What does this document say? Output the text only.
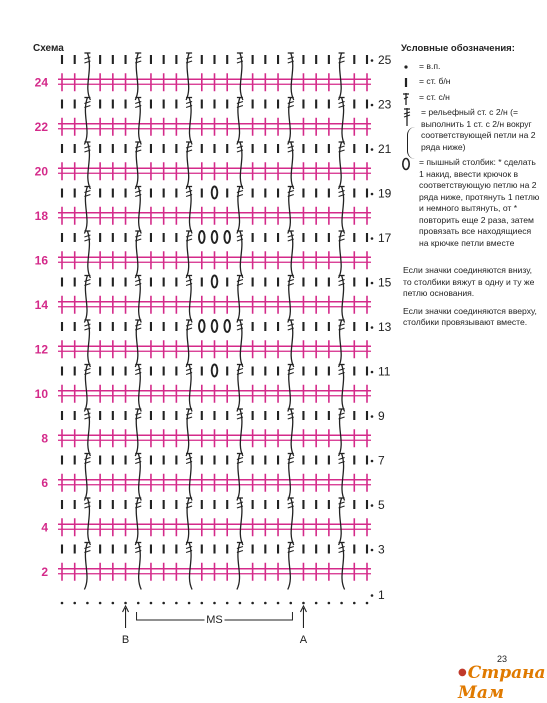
Схема
24
22
20
18
16
14
12
10
8
6
4
2
25
23
21
19
17
15
13
11
9
7
5
3
1
B	A
MS
Условные обозначения:
= в.п.
= ст. б/н
= ст. с/н
= рельефный ст. с 2/н (= выполнить 1 ст. с 2/н вокруг соответствующей петли на 2 ряда ниже)
= пышный столбик: * сделать 1 накид, ввести крючок в соответствующую петлю на 2 ряда ниже, протянуть 1 петлю и немного вытянуть, от * повторить еще 2 раза, затем провязать все находящиеся на крючке петли вместе
Если значки соединяются внизу, то столбики вяжут в одну и ту же петлю основания.
Если значки соединяются вверху, столбики провязывают вместе.
23
●Страна Мам
